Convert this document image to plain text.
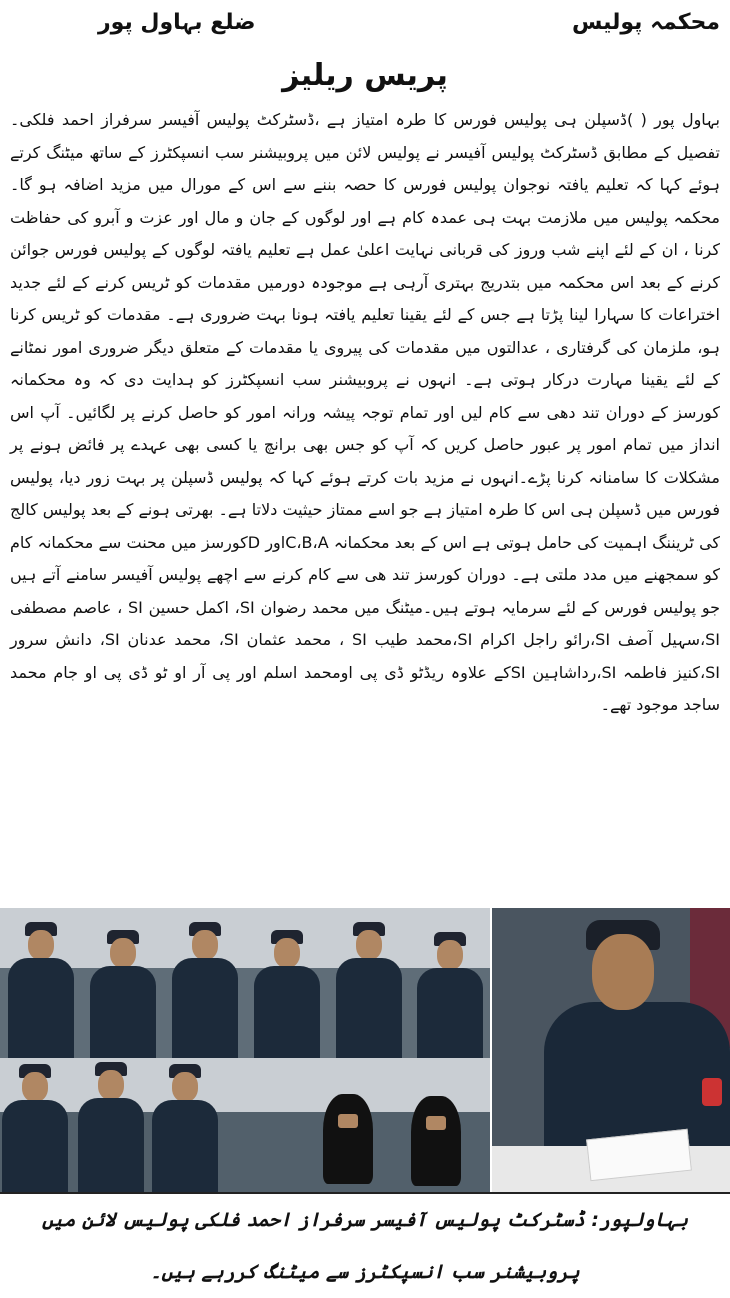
ضلع بہاول پور	محکمہ پولیس
پریس ریلیز

بہاول پور ( )ڈسپلن ہی پولیس فورس کا طرہ امتیاز ہے ،ڈسٹرکٹ پولیس آفیسر سرفراز احمد فلکی۔تفصیل کے مطابق ڈسٹرکٹ پولیس آفیسر نے پولیس لائن میں پروبیشنر سب انسپکٹرز کے ساتھ میٹنگ کرتے ہوئے کہا کہ تعلیم یافتہ نوجوان پولیس فورس کا حصہ بننے سے اس کے مورال میں مزید اضافہ ہو گا۔ محکمہ پولیس میں ملازمت بہت ہی عمدہ کام ہے اور لوگوں کے جان و مال اور عزت و آبرو کی حفاظت کرنا ، ان کے لئے اپنے شب وروز کی قربانی نہایت اعلیٰ عمل ہے تعلیم یافتہ لوگوں کے پولیس فورس جوائن کرنے کے بعد اس محکمہ میں بتدریج بہتری آرہی ہے موجودہ دورمیں مقدمات کو ٹریس کرنے کے لئے جدید اختراعات کا سہارا لینا پڑتا ہے جس کے لئے یقینا تعلیم یافتہ ہونا بہت ضروری ہے۔ مقدمات کو ٹریس کرنا ہو، ملزمان کی گرفتاری ، عدالتوں میں مقدمات کی پیروی یا مقدمات کے متعلق دیگر ضروری امور نمٹانے کے لئے یقینا مہارت درکار ہوتی ہے۔ انہوں نے پروبیشنر سب انسپکٹرز کو ہدایت دی کہ وہ محکمانہ کورسز کے دوران تند دھی سے کام لیں اور تمام توجہ پیشہ ورانہ امور کو حاصل کرنے پر لگائیں۔ آپ اس انداز میں تمام امور پر عبور حاصل کریں کہ آپ کو جس بھی برانچ یا کسی بھی عہدے پر فائض ہونے پر مشکلات کا سامنانہ کرنا پڑے۔انہوں نے مزید بات کرتے ہوئے کہا کہ پولیس ڈسپلن پر بہت زور دیا، پولیس فورس میں ڈسپلن ہی اس کا طرہ امتیاز ہے جو اسے ممتاز حیثیت دلاتا ہے۔ بھرتی ہونے کے بعد پولیس کالج کی ٹریننگ اہمیت کی حامل ہوتی ہے اس کے بعد محکمانہ C،B،Aاور Dکورسز میں محنت سے محکمانہ کام کو سمجھنے میں مدد ملتی ہے۔ دوران کورسز تند ھی سے کام کرنے سے اچھے پولیس آفیسر سامنے آتے ہیں جو پولیس فورس کے لئے سرمایہ ہوتے ہیں۔میٹنگ میں محمد رضوان SI، اکمل حسین SI ، عاصم مصطفی SI،سہیل آصف SI،رائو راجل اکرام SI،محمد طیب SI ، محمد عثمان SI، محمد عدنان SI، دانش سرور SI،کنیز فاطمہ SI،رداشاہین SIکے علاوہ ریڈٹو ڈی پی اومحمد اسلم اور پی آر او ٹو ڈی پی او جام محمد ساجد موجود تھے۔

بہاولپور: ڈسٹرکٹ پولیس آفیسر سرفراز احمد فلکی پولیس لائن میں پروبیشنر سب انسپکٹرز سے میٹنگ کررہے ہیں۔
